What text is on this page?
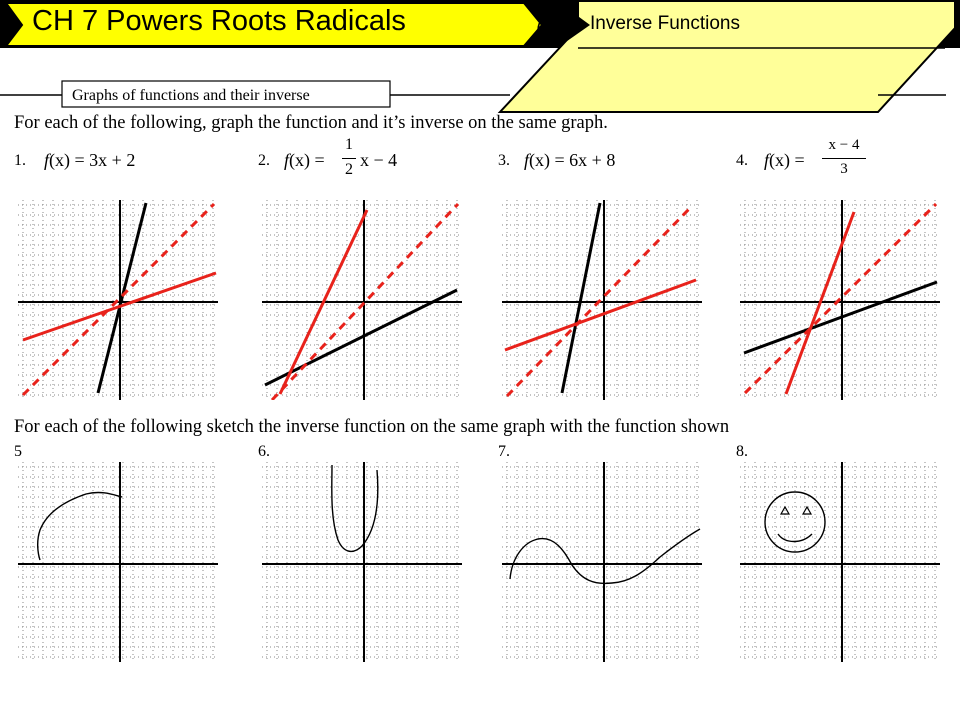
CH 7 Powers Roots Radicals	7 Inverse Functions
Graphs of functions and their inverse
For each of the following, graph the function and it’s inverse on the same graph.
1. f(x) = 3x + 2	2. f(x) =
1
2 x − 4	3. f(x) = 6x + 8	4. f(x) =
x − 4
3
For each of the following sketch the inverse function on the same graph with the function shown
5	6.	7.	8.
